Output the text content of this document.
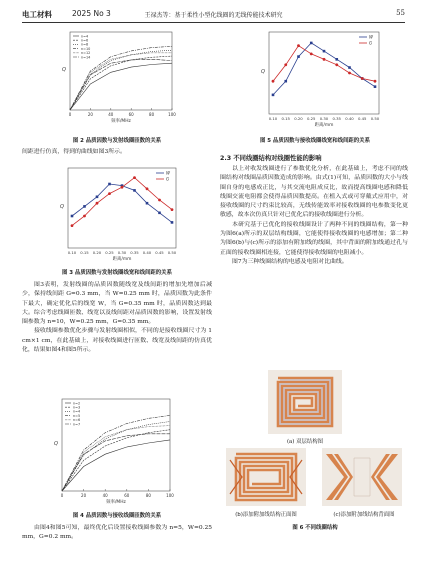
电工材料	2025 No 3	王禄杰等：基于柔性小型化线圈的无线传能技术研究	55
0	20	40	60	80	100
n=4
n=6
n=8
n=10
n=12
n=14
频率/MHz
Q
图 2 品质因数与发射线圈匝数的关系

间距进行仿真，得到的曲线如图3所示。

0.10 0.15 0.20 0.25 0.30 0.35 0.40 0.45 0.50
W
G
距离/mm
Q
图 3 品质因数与发射线圈线宽和线间距的关系

图3表明，发射线圈的品质因数随线宽及线间距的增加先增加后减少，保持线间距 G=0.3 mm，当 W=0.25 mm 时，品质因数为此条件下最大，确定优化后的线宽 W，当 G=0.35 mm 时，品质因数达到最大。综合考虑线圈匝数、线宽以及线间距对品质因数的影响，设置发射线圈参数为 n=10，W=0.25 mm，G=0.35 mm。

接收线圈参数优化步骤与发射线圈相似，不同的是接收线圈尺寸为 1 cm×1 cm，在此基础上，对接收线圈进行匝数、线宽及线间距的仿真优化，结果如图4和图5所示。

0	20	40	60	80	100
n=2
n=3
n=4
n=5
n=6
n=7
频率/MHz
Q
图 4 品质因数与接收线圈匝数的关系

由图4和图5可知，最终优化后设置接收线圈参数为 n=5，W=0.25 mm，G=0.2 mm。

0.10 0.15 0.20 0.25 0.30 0.35 0.40 0.45 0.50
W
G
距离/mm
Q
图 5 品质因数与接收线圈线宽和线间距的关系
2.3 不同线圈结构对线圈性能的影响

以上对收发线圈进行了参数优化分析，在此基础上，考虑不同的线圈结构对线圈品质因数造成的影响。由式(1)可知，品质因数的大小与线圈自身的电感成正比，与其交流电阻成反比，故而提高线圈电感和降低线圈交流电阻都会使得品质因数提高。在植入式或可穿戴式应用中，对接收线圈的尺寸约束比较高，无线传能效率对接收线圈的电参数变化更敏感，故本次仿真只针对已优化后的接收线圈进行分析。

本研究基于已优化的接收线圈设计了两种不同的线圈结构，第一种为图6(a)所示的双层结构线圈，它能使得接收线圈的电感增加；第二种为图6(b)与(c)所示的添加有附加线的线圈，其中背面的附加线通过孔与正面的接收线圈相连接，它能使得接收线圈的电阻减小。

图7为三种线圈结构的电感及电阻对比曲线。

(a) 双层结构图
(b)添加附加线结构正面图	(c)添加附加线结构背面图
图 6 不同线圈结构
